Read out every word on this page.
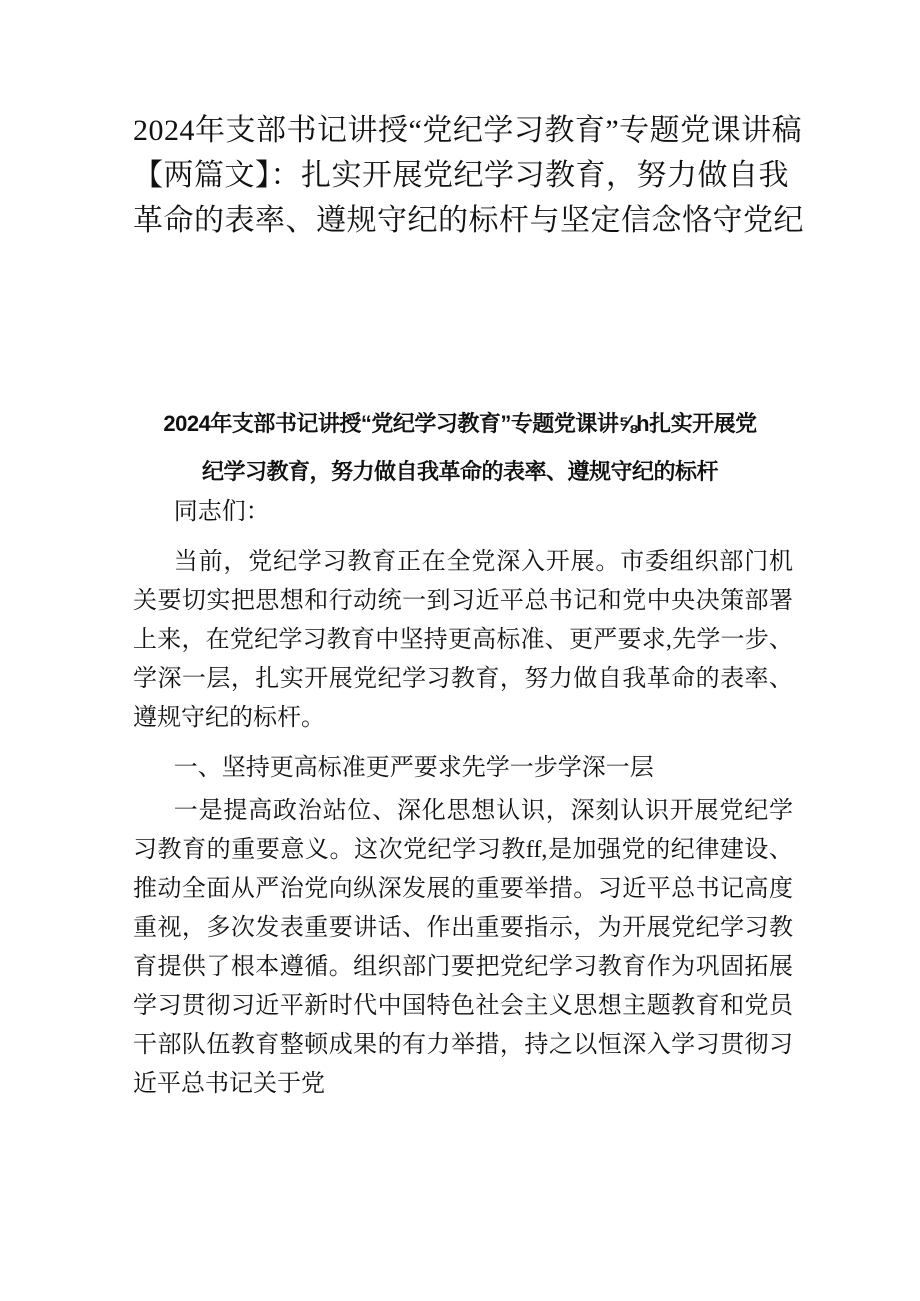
2024年支部书记讲授“党纪学习教育”专题党课讲稿【两篇文】：扎实开展党纪学习教育，努力做自我革命的表率、遵规守纪的标杆与坚定信念恪守党纪
2024年支部书记讲授“党纪学习教育”专题党课讲⅝h扎实开展党
纪学习教育，努力做自我革命的表率、遵规守纪的标杆

同志们：

当前，党纪学习教育正在全党深入开展。市委组织部门机关要切实把思想和行动统一到习近平总书记和党中央决策部署上来，在党纪学习教育中坚持更高标准、更严要求,先学一步、学深一层，扎实开展党纪学习教育，努力做自我革命的表率、遵规守纪的标杆。

一、坚持更高标准更严要求先学一步学深一层

一是提高政治站位、深化思想认识，深刻认识开展党纪学习教育的重要意义。这次党纪学习教ff,是加强党的纪律建设、推动全面从严治党向纵深发展的重要举措。习近平总书记高度重视，多次发表重要讲话、作出重要指示，为开展党纪学习教育提供了根本遵循。组织部门要把党纪学习教育作为巩固拓展学习贯彻习近平新时代中国特色社会主义思想主题教育和党员干部队伍教育整顿成果的有力举措，持之以恒深入学习贯彻习近平总书记关于党
